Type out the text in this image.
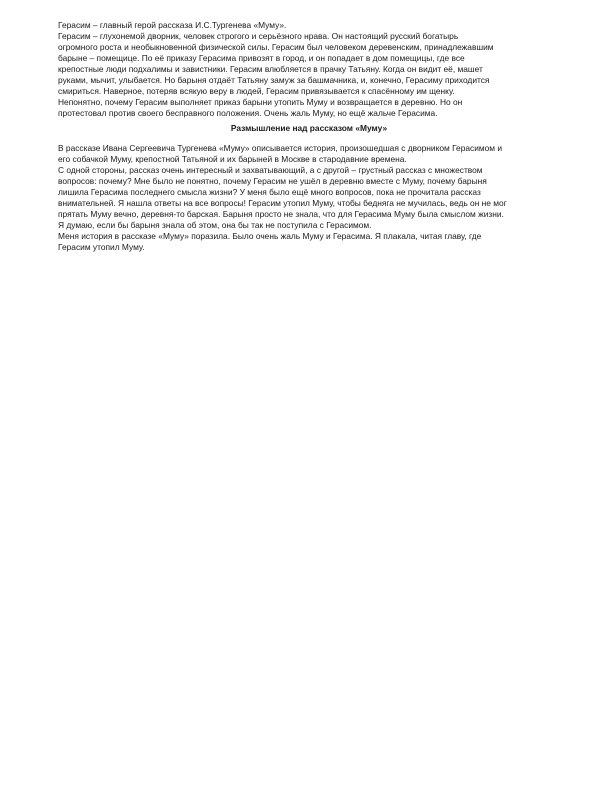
Герасим – главный герой рассказа И.С.Тургенева «Муму».
Герасим – глухонемой дворник, человек строгого и серьёзного нрава. Он настоящий русский богатырь
огромного роста и необыкновенной физической силы. Герасим был человеком деревенским, принадлежавшим
барыне – помещице. По её приказу Герасима привозят в город, и он попадает в дом помещицы, где все
крепостные люди подхалимы и завистники. Герасим влюбляется в прачку Татьяну. Когда он видит её, машет
руками, мычит, улыбается. Но барыня отдаёт Татьяну замуж за башмачника, и, конечно, Герасиму приходится
смириться. Наверное, потеряв всякую веру в людей, Герасим привязывается к спасённому им щенку.
Непонятно, почему Герасим выполняет приказ барыни утопить Муму и возвращается в деревню. Но он
протестовал против своего бесправного положения. Очень жаль Муму, но ещё жальче Герасима.
Размышление над рассказом «Муму»
В рассказе Ивана Сергеевича Тургенева «Муму» описывается история, произошедшая с дворником Герасимом и
его собачкой Муму, крепостной Татьяной и их барыней в Москве в стародавние времена.
С одной стороны, рассказ очень интересный и захватывающий, а с другой – грустный рассказ с множеством
вопросов: почему? Мне было не понятно, почему Герасим не ушёл в деревню вместе с Муму, почему барыня
лишила Герасима последнего смысла жизни? У меня было ещё много вопросов, пока не прочитала рассказ
внимательней. Я нашла ответы на все вопросы! Герасим утопил Муму, чтобы бедняга не мучилась, ведь он не мог
прятать Муму вечно, деревня-то барская. Барыня просто не знала, что для Герасима Муму была смыслом жизни.
Я думаю, если бы барыня знала об этом, она бы так не поступила с Герасимом.
Меня история в рассказе «Муму» поразила. Было очень жаль Муму и Герасима. Я плакала, читая главу, где
Герасим утопил Муму.
